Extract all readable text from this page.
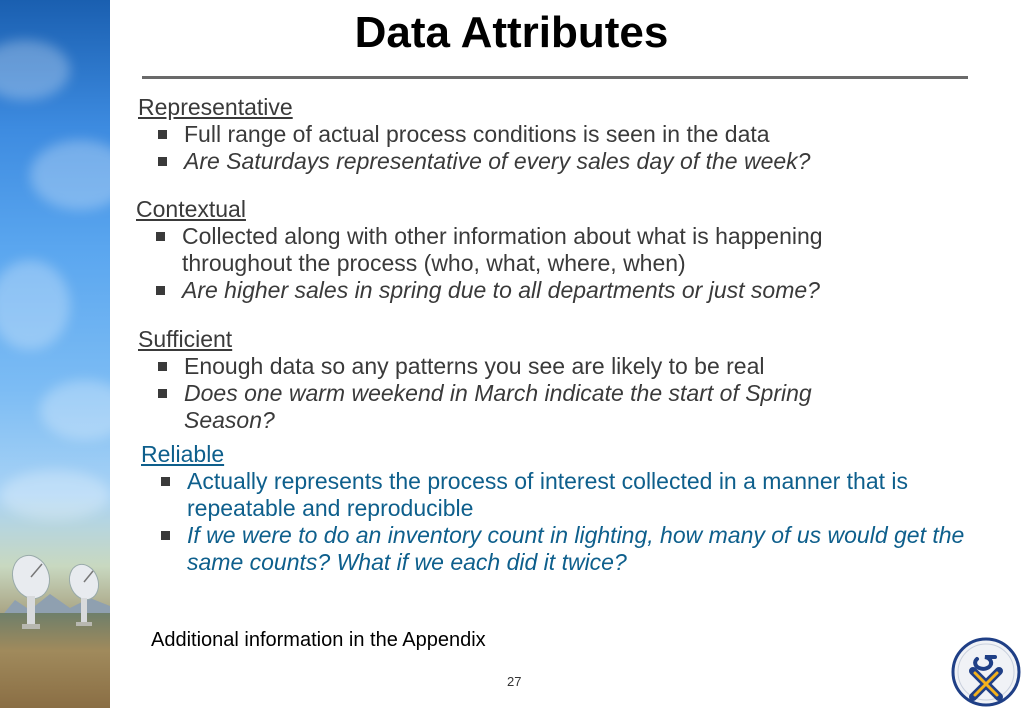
Data Attributes
Representative
Full range of actual process conditions is seen in the data
Are Saturdays representative of every sales day of the week?
Contextual
Collected along with other information about what is happening throughout the process (who, what, where, when)
Are higher sales in spring due to all departments or just some?
Sufficient
Enough data so any patterns you see are likely to be real
Does one warm weekend in March indicate the start of Spring Season?
Reliable
Actually represents the process of interest collected in a manner that is repeatable and reproducible
If we were to do an inventory count in lighting, how many of us would get the same counts? What if we each did it twice?
Additional information in the Appendix
27
